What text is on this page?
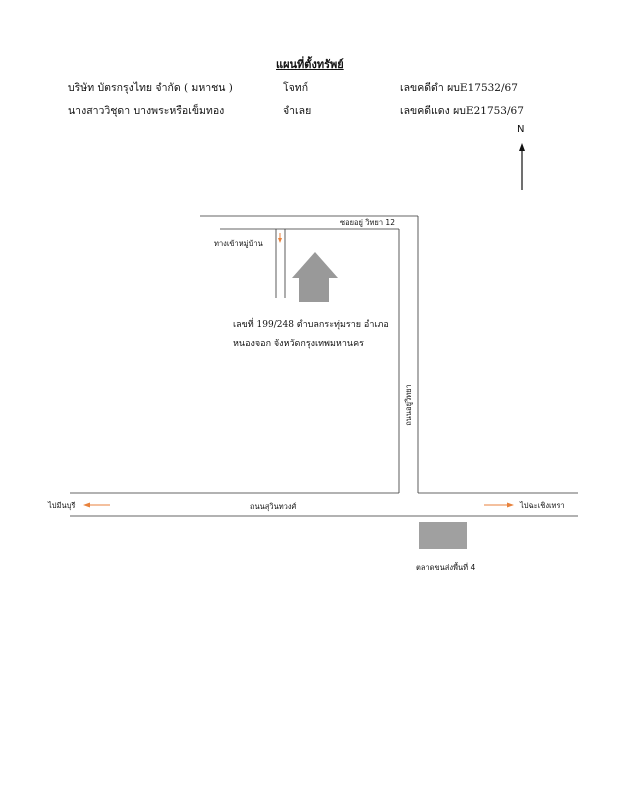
แผนที่ตั้งทรัพย์
บริษัท บัตรกรุงไทย จำกัด ( มหาชน )	โจทก์	เลขคดีดำ ผบE17532/67
นางสาววิชุดา บางพระหรือเข็มทอง	จำเลย	เลขคดีแดง ผบE21753/67
N
ซอยอยู่ วิทยา 12
ทางเข้าหมู่บ้าน
เลขที่ 199/248 ตำบลกระทุ่มราย อำเภอ
หนองจอก จังหวัดกรุงเทพมหานคร
ถนนอยู่วิทยา
ถนนสุวินทวงศ์
ไปมีนบุรี	ไปฉะเชิงเทรา
ตลาดขนส่งพื้นที่ 4
